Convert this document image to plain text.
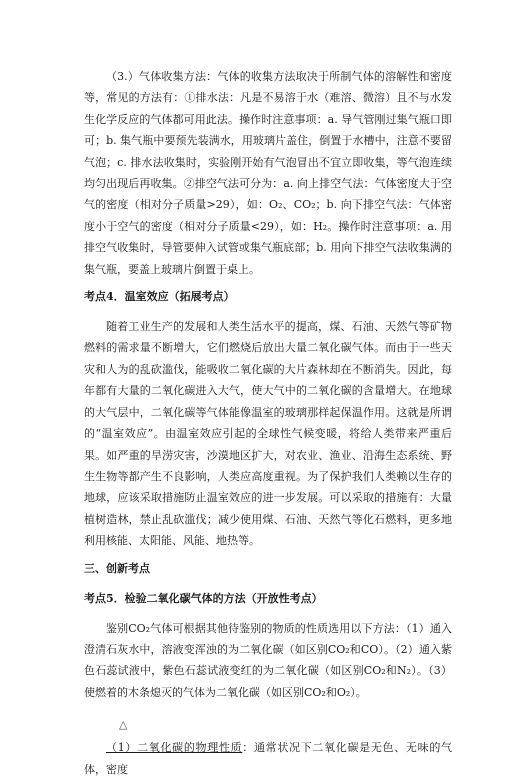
（3.）气体收集方法：气体的收集方法取决于所制气体的溶解性和密度等，常见的方法有：①排水法：凡是不易溶于水（难溶、微溶）且不与水发生化学反应的气体都可用此法。操作时注意事项：a. 导气管刚过集气瓶口即可；b. 集气瓶中要预先装满水，用玻璃片盖住，倒置于水槽中，注意不要留气泡；c. 排水法收集时，实验刚开始有气泡冒出不宜立即收集，等气泡连续均匀出现后再收集。②排空气法可分为：a. 向上排空气法：气体密度大于空气的密度（相对分子质量>29），如：O₂、CO₂；b. 向下排空气法：气体密度小于空气的密度（相对分子质量<29），如：H₂。操作时注意事项：a. 用排空气收集时，导管要伸入试管或集气瓶底部；b. 用向下排空气法收集满的集气瓶，要盖上玻璃片倒置于桌上。

考点4．温室效应（拓展考点）

随着工业生产的发展和人类生活水平的提高，煤、石油、天然气等矿物燃料的需求量不断增大，它们燃烧后放出大量二氧化碳气体。而由于一些天灾和人为的乱砍滥伐，能吸收二氧化碳的大片森林却在不断消失。因此，每年都有大量的二氧化碳进入大气，使大气中的二氧化碳的含量增大。在地球的大气层中，二氧化碳等气体能像温室的玻璃那样起保温作用。这就是所谓的“温室效应”。由温室效应引起的全球性气候变暖，将给人类带来严重后果。如严重的旱涝灾害，沙漠地区扩大，对农业、渔业、沿海生态系统、野生生物等都产生不良影响，人类应高度重视。为了保护我们人类赖以生存的地球，应该采取措施防止温室效应的进一步发展。可以采取的措施有：大量植树造林，禁止乱砍滥伐；减少使用煤、石油、天然气等化石燃料，更多地利用核能、太阳能、风能、地热等。

三、创新考点
考点5．检验二氧化碳气体的方法（开放性考点）

鉴别CO₂气体可根据其他待鉴别的物质的性质选用以下方法：（1）通入澄清石灰水中，溶液变浑浊的为二氧化碳（如区别CO₂和CO）。（2）通入紫色石蕊试液中，紫色石蕊试液变红的为二氧化碳（如区别CO₂和N₂）。（3）使燃着的木条熄灭的气体为二氧化碳（如区别CO₂和O₂）。

（1）二氧化碳的物理性质：通常状况下二氧化碳是无色、无味的气体，密度

△
